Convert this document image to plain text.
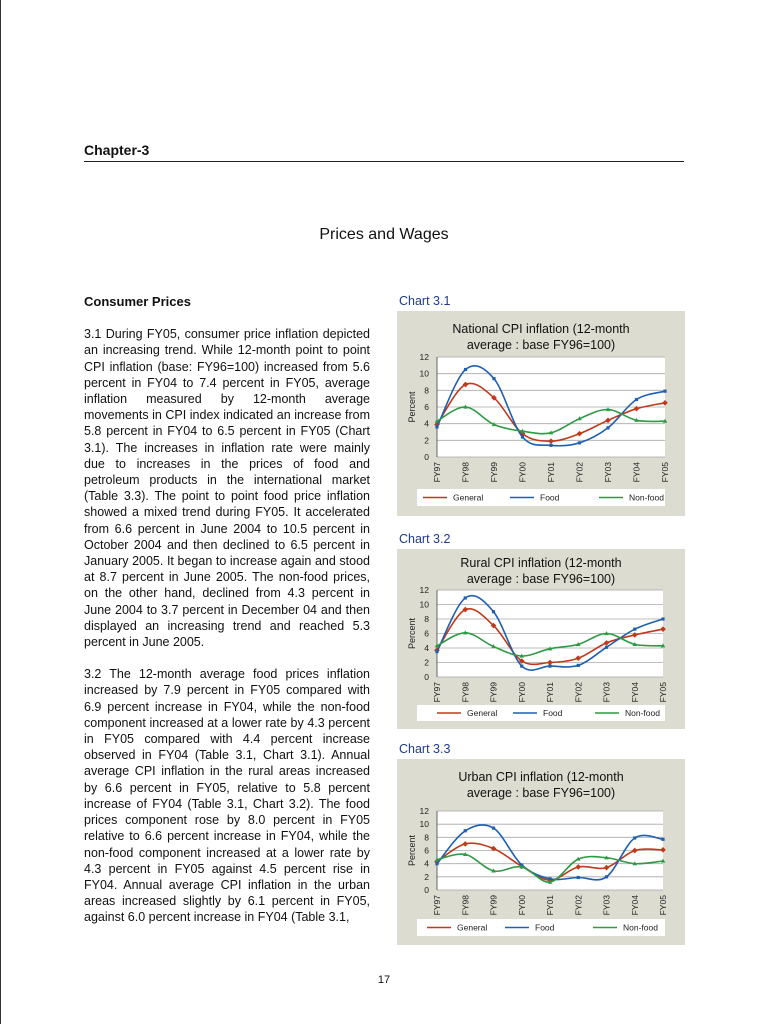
Chapter-3
Prices and Wages
Consumer Prices

3.1 During FY05, consumer price inflation depicted an increasing trend. While 12-month point to point CPI inflation (base: FY96=100) increased from 5.6 percent in FY04 to 7.4 percent in FY05, average inflation measured by 12-month average movements in CPI index indicated an increase from 5.8 percent in FY04 to 6.5 percent in FY05 (Chart 3.1). The increases in inflation rate were mainly due to increases in the prices of food and petroleum products in the international market (Table 3.3). The point to point food price inflation showed a mixed trend during FY05. It accelerated from 6.6 percent in June 2004 to 10.5 percent in October 2004 and then declined to 6.5 percent in January 2005. It began to increase again and stood at 8.7 percent in June 2005. The non-food prices, on the other hand, declined from 4.3 percent in June 2004 to 3.7 percent in December 04 and then displayed an increasing trend and reached 5.3 percent in June 2005.

3.2 The 12-month average food prices inflation increased by 7.9 percent in FY05 compared with 6.9 percent increase in FY04, while the non-food component increased at a lower rate by 4.3 percent in FY05 compared with 4.4 percent increase observed in FY04 (Table 3.1, Chart 3.1). Annual average CPI inflation in the rural areas increased by 6.6 percent in FY05, relative to 5.8 percent increase of FY04 (Table 3.1, Chart 3.2). The food prices component rose by 8.0 percent in FY05 relative to 6.6 percent increase in FY04, while the non-food component increased at a lower rate by 4.3 percent in FY05 against 4.5 percent rise in FY04. Annual average CPI inflation in the urban areas increased slightly by 6.1 percent in FY05, against 6.0 percent increase in FY04 (Table 3.1,

Chart 3.1
National CPI inflation (12-month
average : base FY96=100)
0
2
4
6
8
10
12
Percent
FY97 FY98 FY99 FY00 FY01 FY02 FY03 FY04 FY05
General	Food	Non-food
Chart 3.2
Rural CPI inflation (12-month
average : base FY96=100)
0
2
4
6
8
10
12
Percent
FY97 FY98 FY99 FY00 FY01 FY02 FY03 FY04 FY05
General	Food	Non-food
Chart 3.3
Urban CPI inflation (12-month
average : base FY96=100)
0
2
4
6
8
10
12
Percent
FY97 FY98 FY99 FY00 FY01 FY02 FY03 FY04 FY05
General	Food	Non-food
17
